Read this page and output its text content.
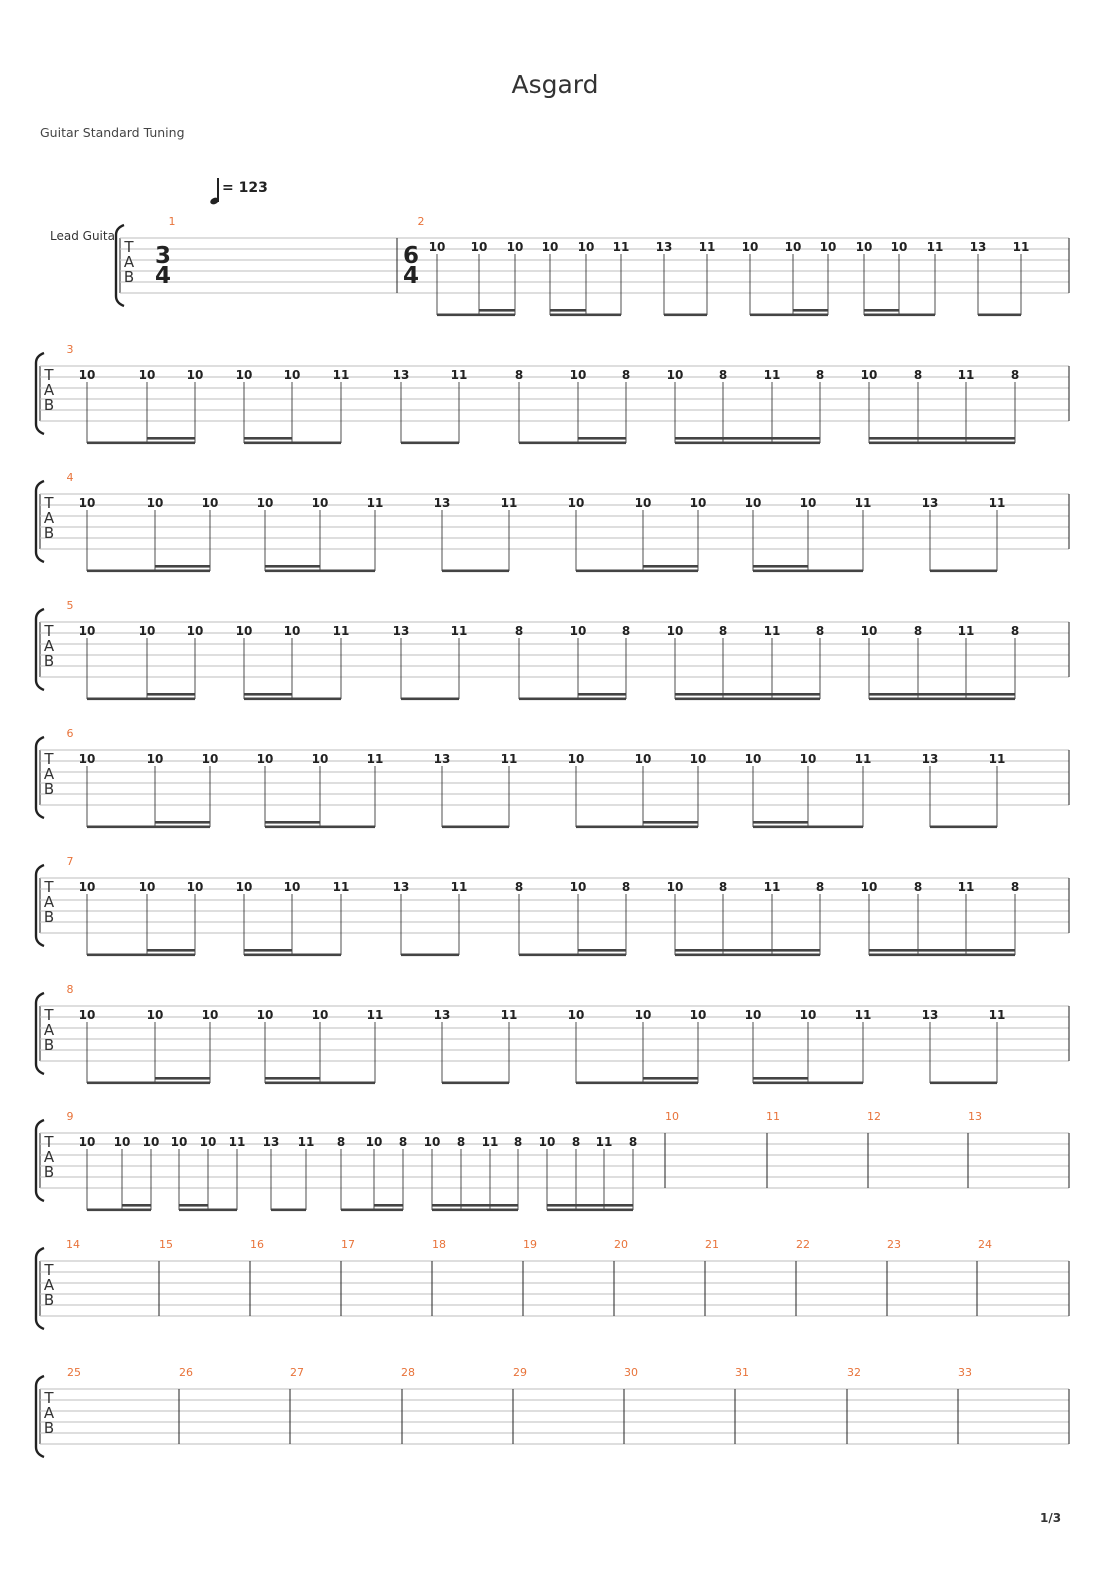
Asgard
Guitar Standard Tuning
= 123
Lead Guita
T
A
B
1
3
4
2
6
4
10 10 10 10 10 11 13 11 10 10 10 10 10 11 13 11
T
A
B
3
10	10	10	10	10	11	13	11	8	10	8	10	8	11	8	10	8	11	8
T
A
B
4
10	10	10	10	10	11	13	11	10	10	10	10	10	11	13	11
T
A
B
5
10	10	10	10	10	11	13	11	8	10	8	10	8	11	8	10	8	11	8
T
A
B
6
10	10	10	10	10	11	13	11	10	10	10	10	10	11	13	11
T
A
B
7
10	10	10	10	10	11	13	11	8	10	8	10	8	11	8	10	8	11	8
T
A
B
8
10	10	10	10	10	11	13	11	10	10	10	10	10	11	13	11
T
A
B
9
10 10 10 10 10 11 13 11 8 10 8 10 8 11 8 10 8 11 8
10	11	12	13
T
A
B
14	15	16	17	18	19	20	21	22	23	24
T
A
B
25	26	27	28	29	30	31	32	33
1/3
